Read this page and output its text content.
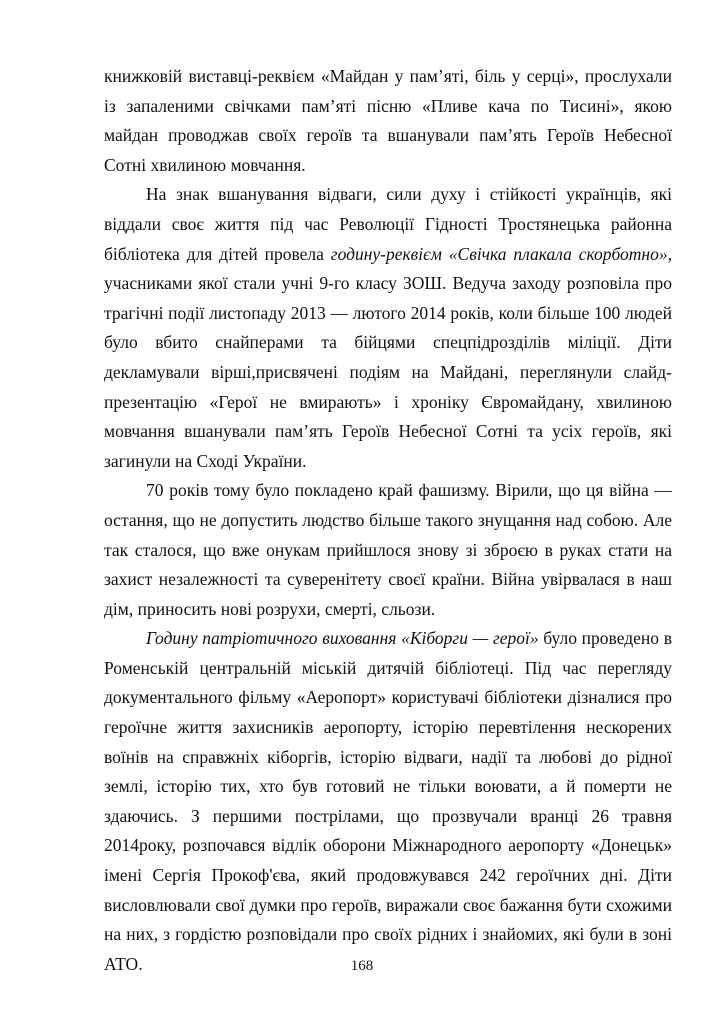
книжковій виставці-реквієм «Майдан у пам’яті, біль у серці», прослухали із запаленими свічками пам’яті пісню «Пливе кача по Тисині», якою майдан проводжав своїх героїв та вшанували пам’ять Героїв Небесної Сотні хвилиною мовчання.

На знак вшанування відваги, сили духу і стійкості українців, які віддали своє життя під час Революції Гідності Тростянецька районна бібліотека для дітей провела годину-реквієм «Свічка плакала скорботно», учасниками якої стали учні 9-го класу ЗОШ. Ведуча заходу розповіла про трагічні події листопаду 2013 — лютого 2014 років, коли більше 100 людей було вбито снайперами та бійцями спецпідрозділів міліції. Діти декламували вірші,присвячені подіям на Майдані, переглянули слайд-презентацію «Герої не вмирають» і хроніку Євромайдану, хвилиною мовчання вшанували пам’ять Героїв Небесної Сотні та усіх героїв, які загинули на Сході України.

70 років тому було покладено край фашизму. Вірили, що ця війна — остання, що не допустить людство більше такого знущання над собою. Але так сталося, що вже онукам прийшлося знову зі зброєю в руках стати на захист незалежності та суверенітету своєї країни. Війна увірвалася в наш дім, приносить нові розрухи, смерті, сльози.

Годину патріотичного виховання «Кіборги — герої» було проведено в Роменській центральній міській дитячій бібліотеці. Під час перегляду документального фільму «Аеропорт» користувачі бібліотеки дізналися про героїчне життя захисників аеропорту, історію перевтілення нескорених воїнів на справжніх кіборгів, історію відваги, надії та любові до рідної землі, історію тих, хто був готовий не тільки воювати, а й померти не здаючись. З першими пострілами, що прозвучали вранці 26 травня 2014року, розпочався відлік оборони Міжнародного аеропорту «Донецьк» імені Сергія Прокоф'єва, який продовжувався 242 героїчних дні. Діти висловлювали свої думки про героїв, виражали своє бажання бути схожими на них, з гордістю розповідали про своїх рідних і знайомих, які були в зоні АТО.	168
